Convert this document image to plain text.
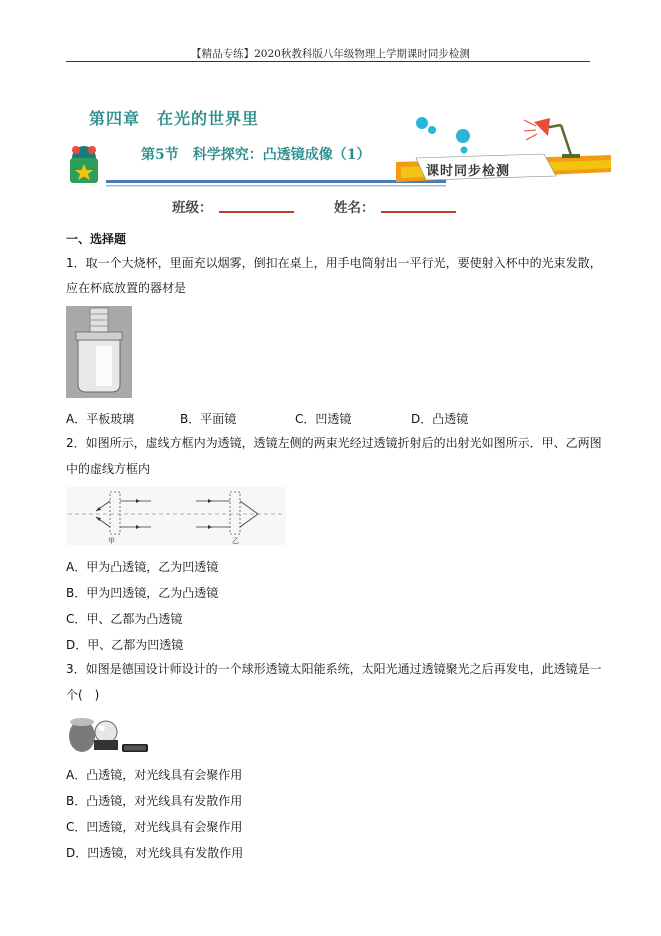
【精品专练】2020秋教科版八年级物理上学期课时同步检测
第四章　在光的世界里
第5节　科学探究：凸透镜成像（1）
课时同步检测
班级：	姓名：
一、选择题
1．取一个大烧杯，里面充以烟雾，倒扣在桌上，用手电筒射出一平行光，要使射入杯中的光束发散，
应在杯底放置的器材是
A．平板玻璃	B．平面镜	C．凹透镜	D．凸透镜
2．如图所示，虚线方框内为透镜，透镜左侧的两束光经过透镜折射后的出射光如图所示．甲、乙两图
中的虚线方框内
甲	乙
A．甲为凸透镜，乙为凹透镜
B．甲为凹透镜，乙为凸透镜
C．甲、乙都为凸透镜
D．甲、乙都为凹透镜
3．如图是德国设计师设计的一个球形透镜太阳能系统，太阳光通过透镜聚光之后再发电，此透镜是一
个(　)
A．凸透镜，对光线具有会聚作用
B．凸透镜，对光线具有发散作用
C．凹透镜，对光线具有会聚作用
D．凹透镜，对光线具有发散作用
